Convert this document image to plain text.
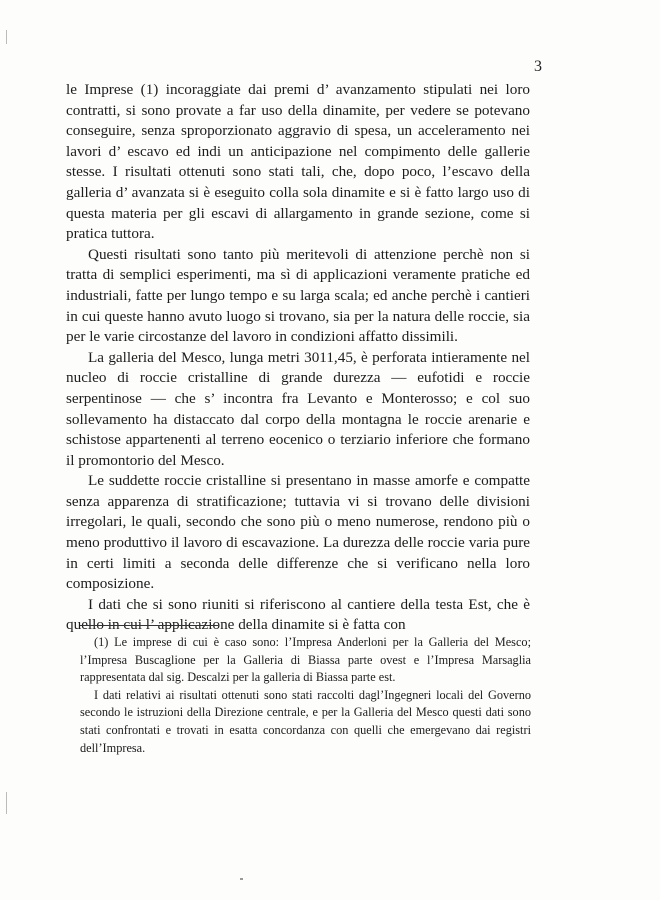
3

le Imprese (1) incoraggiate dai premi d’ avanzamento stipulati nei loro contratti, si sono provate a far uso della dinamite, per vedere se potevano conseguire, senza sproporzionato aggravio di spesa, un acceleramento nei lavori d’ escavo ed indi un anticipazione nel compimento delle gallerie stesse. I risultati ottenuti sono stati tali, che, dopo poco, l’escavo della galleria d’ avanzata si è eseguito colla sola dinamite e si è fatto largo uso di questa materia per gli escavi di allargamento in grande sezione, come si pratica tuttora.

Questi risultati sono tanto più meritevoli di attenzione perchè non si tratta di semplici esperimenti, ma sì di applicazioni veramente pratiche ed industriali, fatte per lungo tempo e su larga scala; ed anche perchè i cantieri in cui queste hanno avuto luogo si trovano, sia per la natura delle roccie, sia per le varie circostanze del lavoro in condizioni affatto dissimili.

La galleria del Mesco, lunga metri 3011,45, è perforata intieramente nel nucleo di roccie cristalline di grande durezza — eufotidi e roccie serpentinose — che s’ incontra fra Levanto e Monterosso; e col suo sollevamento ha distaccato dal corpo della montagna le roccie arenarie e schistose appartenenti al terreno eocenico o terziario inferiore che formano il promontorio del Mesco.

Le suddette roccie cristalline si presentano in masse amorfe e compatte senza apparenza di stratificazione; tuttavia vi si trovano delle divisioni irregolari, le quali, secondo che sono più o meno numerose, rendono più o meno produttivo il lavoro di escavazione. La durezza delle roccie varia pure in certi limiti a seconda delle differenze che si verificano nella loro composizione.

I dati che si sono riuniti si riferiscono al cantiere della testa Est, che è quello in cui l’ applicazione della dinamite si è fatta con

(1) Le imprese di cui è caso sono: l’Impresa Anderloni per la Galleria del Mesco; l’Impresa Buscaglione per la Galleria di Biassa parte ovest e l’Impresa Marsaglia rappresentata dal sig. Descalzi per la galleria di Biassa parte est.

I dati relativi ai risultati ottenuti sono stati raccolti dagl’Ingegneri locali del Governo secondo le istruzioni della Direzione centrale, e per la Galleria del Mesco questi dati sono stati confrontati e trovati in esatta concordanza con quelli che emergevano dai registri dell’Impresa.
